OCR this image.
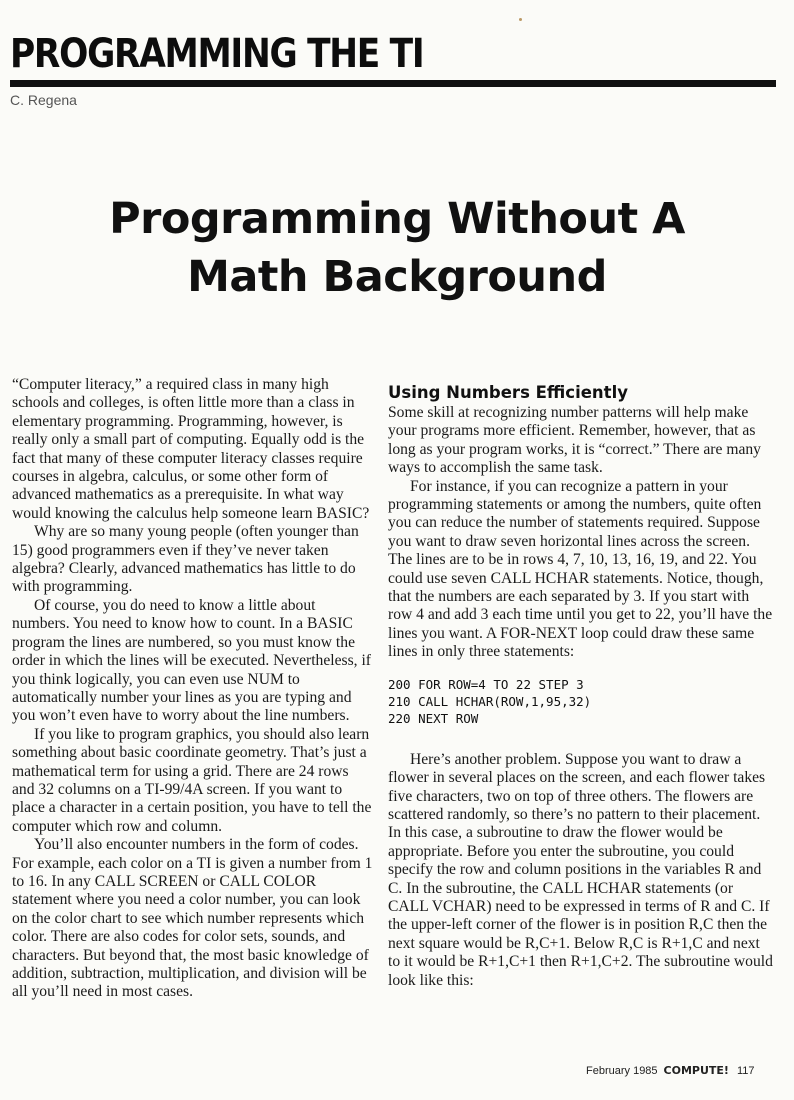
PROGRAMMING THE TI
C. Regena
Programming Without A
Math Background

“Computer literacy,” a required class in many high schools and colleges, is often little more than a class in elementary programming. Programming, however, is really only a small part of computing. Equally odd is the fact that many of these computer literacy classes require courses in algebra, calculus, or some other form of advanced mathematics as a prerequisite. In what way would knowing the calculus help someone learn BASIC?

Why are so many young people (often younger than 15) good programmers even if they’ve never taken algebra? Clearly, advanced mathematics has little to do with programming.

Of course, you do need to know a little about numbers. You need to know how to count. In a BASIC program the lines are numbered, so you must know the order in which the lines will be executed. Nevertheless, if you think logically, you can even use NUM to automatically number your lines as you are typing and you won’t even have to worry about the line numbers.

If you like to program graphics, you should also learn something about basic coordinate geometry. That’s just a mathematical term for using a grid. There are 24 rows and 32 columns on a TI-99/4A screen. If you want to place a character in a certain position, you have to tell the computer which row and column.

You’ll also encounter numbers in the form of codes. For example, each color on a TI is given a number from 1 to 16. In any CALL SCREEN or CALL COLOR statement where you need a color number, you can look on the color chart to see which number represents which color. There are also codes for color sets, sounds, and characters. But beyond that, the most basic knowledge of addition, subtraction, multiplication, and division will be all you’ll need in most cases.

Using Numbers Efficiently

Some skill at recognizing number patterns will help make your programs more efficient. Remember, however, that as long as your program works, it is “correct.” There are many ways to accomplish the same task.

For instance, if you can recognize a pattern in your programming statements or among the numbers, quite often you can reduce the number of statements required. Suppose you want to draw seven horizontal lines across the screen. The lines are to be in rows 4, 7, 10, 13, 16, 19, and 22. You could use seven CALL HCHAR statements. Notice, though, that the numbers are each separated by 3. If you start with row 4 and add 3 each time until you get to 22, you’ll have the lines you want. A FOR-NEXT loop could draw these same lines in only three statements:

200 FOR ROW=4 TO 22 STEP 3
210 CALL HCHAR(ROW,1,95,32)
220 NEXT ROW

Here’s another problem. Suppose you want to draw a flower in several places on the screen, and each flower takes five characters, two on top of three others. The flowers are scattered randomly, so there’s no pattern to their placement. In this case, a subroutine to draw the flower would be appropriate. Before you enter the subroutine, you could specify the row and column positions in the variables R and C. In the subroutine, the CALL HCHAR statements (or CALL VCHAR) need to be expressed in terms of R and C. If the upper-left corner of the flower is in position R,C then the next square would be R,C+1. Below R,C is R+1,C and next to it would be R+1,C+1 then R+1,C+2. The subroutine would look like this:

February 1985 COMPUTE! 117
